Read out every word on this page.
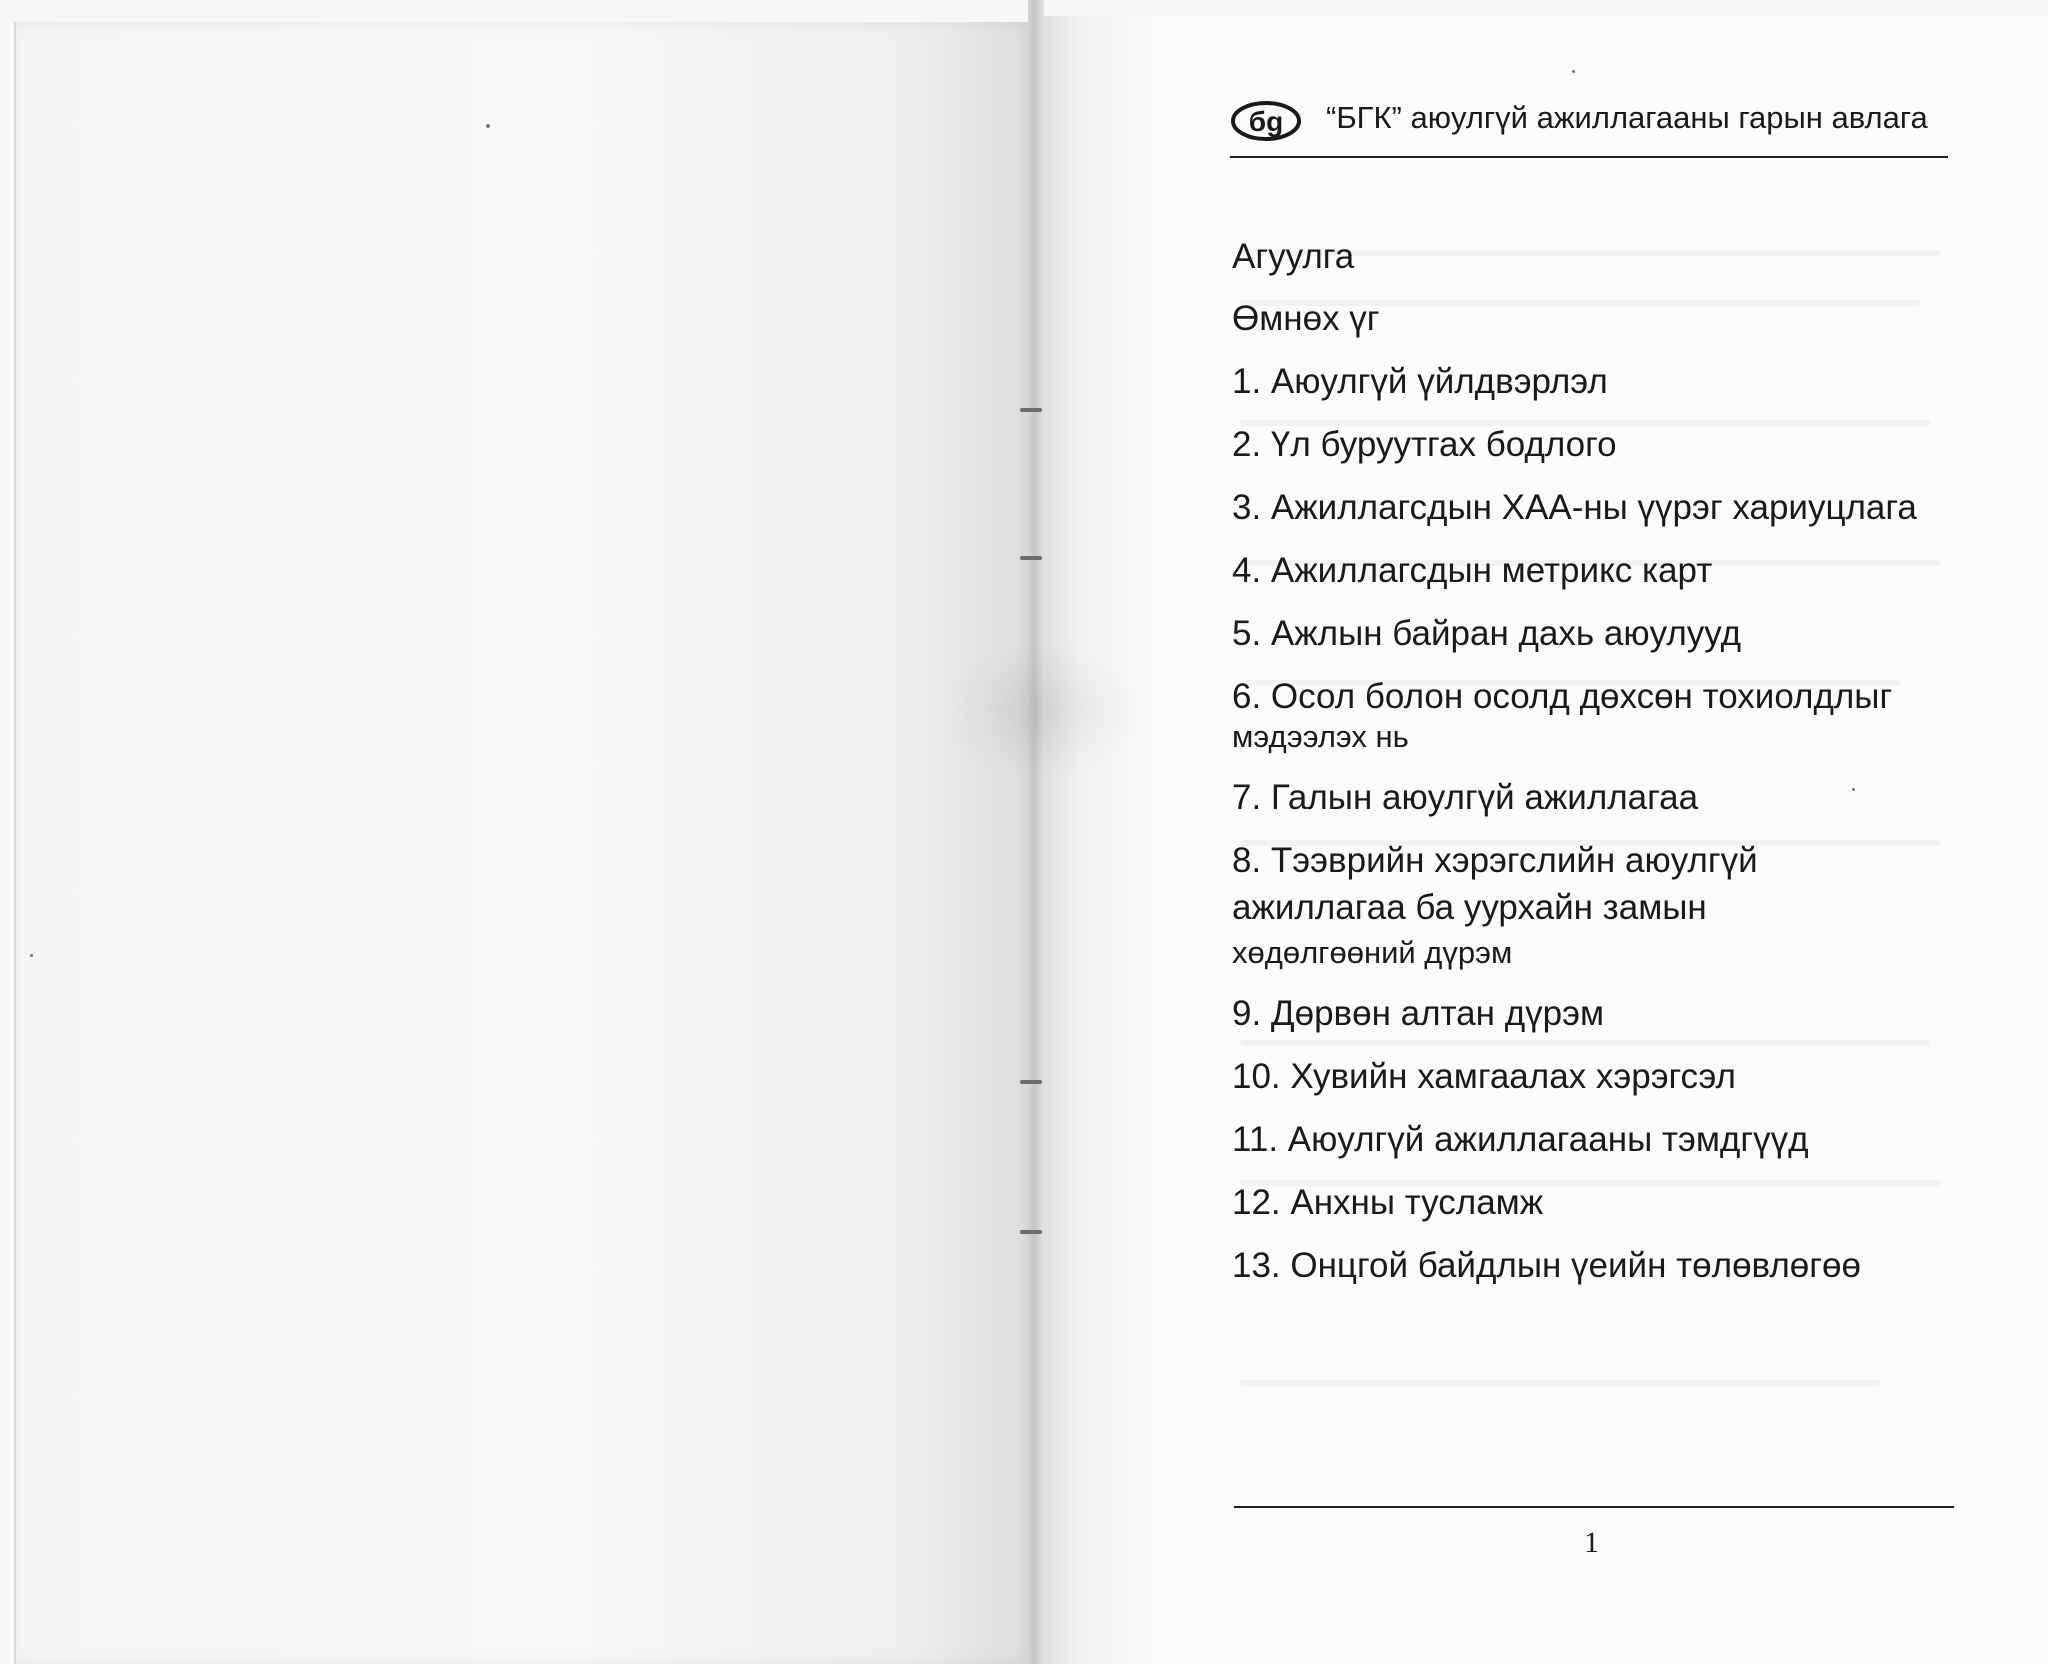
бg “БГК” аюулгүй ажиллагааны гарын авлага
Агуулга
Өмнөх үг
1. Аюулгүй үйлдвэрлэл
2. Үл буруутгах бодлого
3. Ажиллагсдын ХАА-ны үүрэг хариуцлага
4. Ажиллагсдын метрикс карт
5. Ажлын байран дахь аюулууд
6. Осол болон осолд дөхсөн тохиолдлыг
мэдээлэх нь
7. Галын аюулгүй ажиллагаа
8. Тээврийн хэрэгслийн аюулгүй
ажиллагаа ба уурхайн замын
хөдөлгөөний дүрэм
9. Дөрвөн алтан дүрэм
10. Хувийн хамгаалах хэрэгсэл
11. Аюулгүй ажиллагааны тэмдгүүд
12. Анхны тусламж
13. Онцгой байдлын үеийн төлөвлөгөө
1
